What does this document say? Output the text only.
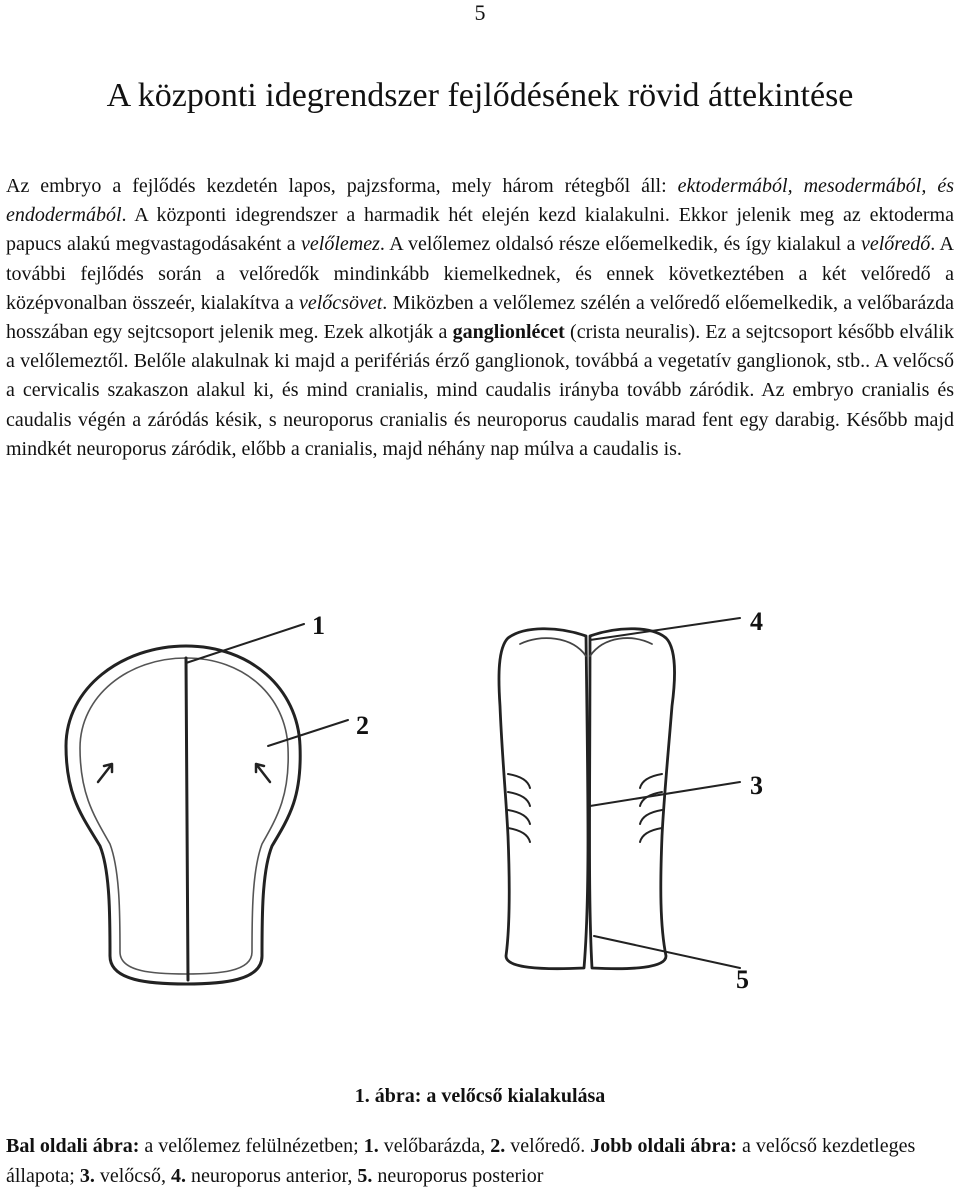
5
A központi idegrendszer fejlődésének rövid áttekintése

Az embryo a fejlődés kezdetén lapos, pajzsforma, mely három rétegből áll: ektodermából, mesodermából, és endodermából. A központi idegrendszer a harmadik hét elején kezd kialakulni. Ekkor jelenik meg az ektoderma papucs alakú megvastagodásaként a velőlemez. A velőlemez oldalsó része előemelkedik, és így kialakul a velőredő. A további fejlődés során a velőredők mindinkább kiemelkednek, és ennek következtében a két velőredő a középvonalban összeér, kialakítva a velőcsövet. Miközben a velőlemez szélén a velőredő előemelkedik, a velőbarázda hosszában egy sejtcsoport jelenik meg. Ezek alkotják a ganglionlécet (crista neuralis). Ez a sejtcsoport később elválik a velőlemeztől. Belőle alakulnak ki majd a perifériás érző ganglionok, továbbá a vegetatív ganglionok, stb.. A velőcső a cervicalis szakaszon alakul ki, és mind cranialis, mind caudalis irányba tovább záródik. Az embryo cranialis és caudalis végén a záródás késik, s neuroporus cranialis és neuroporus caudalis marad fent egy darabig. Később majd mindkét neuroporus záródik, előbb a cranialis, majd néhány nap múlva a caudalis is.

1
2
4
3
5
1. ábra: a velőcső kialakulása

Bal oldali ábra: a velőlemez felülnézetben; 1. velőbarázda, 2. velőredő. Jobb oldali ábra: a velőcső kezdetleges állapota; 3. velőcső, 4. neuroporus anterior, 5. neuroporus posterior
